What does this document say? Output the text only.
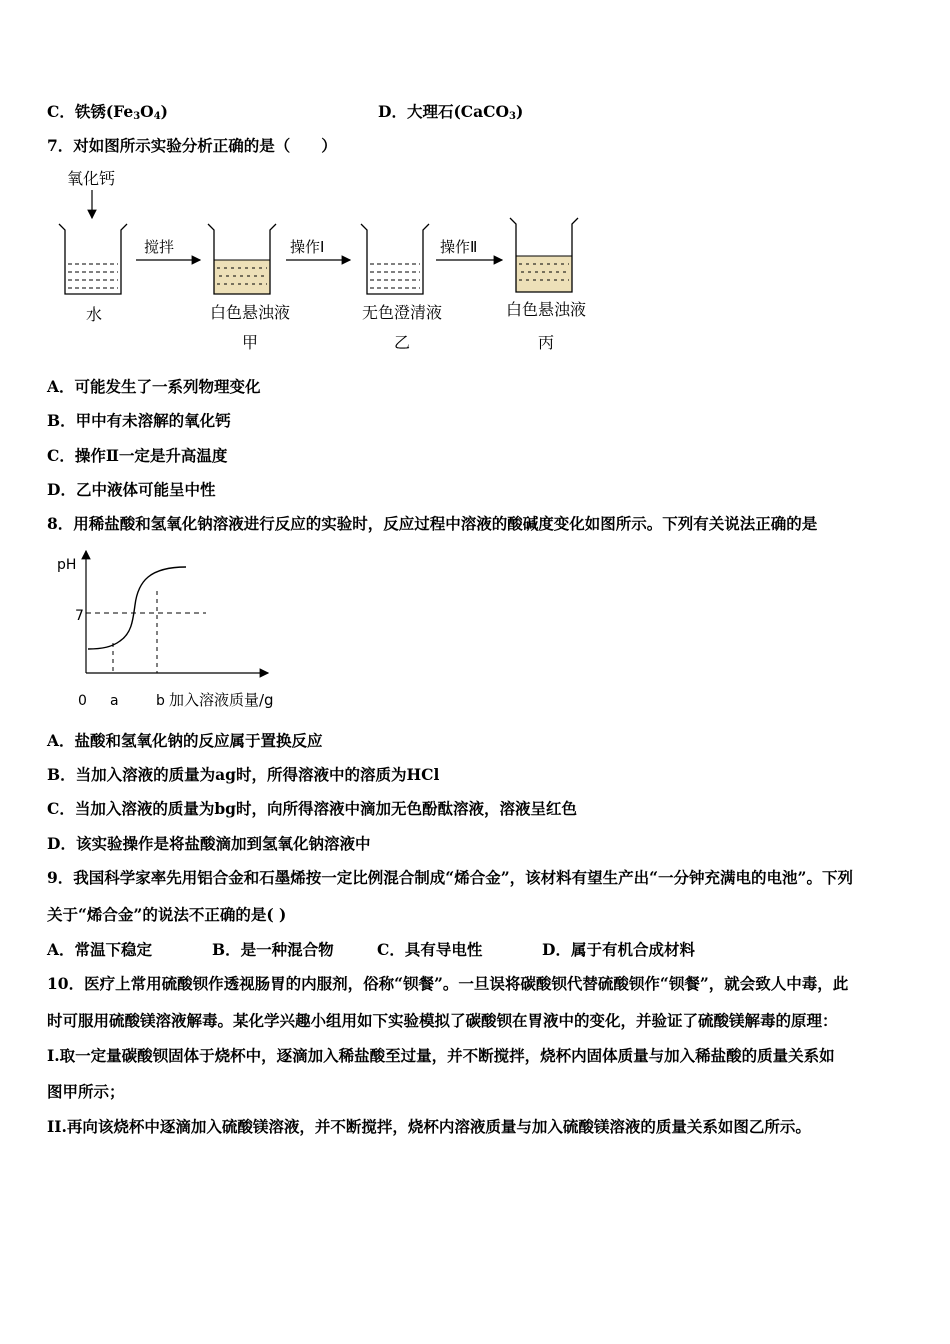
C．铁锈$(Fe_3O_4)$	D．大理石(CaCO$_3$)
7．对如图所示实验分析正确的是（　　）
氧化钙
搅拌	操作Ⅰ	操作Ⅱ
水	白色悬浊液
甲
无色澄清液
乙
白色悬浊液
丙
A．可能发生了一系列物理变化
B．甲中有未溶解的氧化钙
C．操作Ⅱ一定是升高温度
D．乙中液体可能呈中性
8．用稀盐酸和氢氧化钠溶液进行反应的实验时，反应过程中溶液的酸碱度变化如图所示。下列有关说法正确的是
pH
7
0 a	b 加入溶液质量/g
A．盐酸和氢氧化钠的反应属于置换反应
B．当加入溶液的质量为ag时，所得溶液中的溶质为HCl
C．当加入溶液的质量为bg时，向所得溶液中滴加无色酚酞溶液，溶液呈红色
D．该实验操作是将盐酸滴加到氢氧化钠溶液中
9．我国科学家率先用铝合金和石墨烯按一定比例混合制成“烯合金”，该材料有望生产出“一分钟充满电的电池”。下列
关于“烯合金”的说法不正确的是( )
A．常温下稳定	B．是一种混合物	C．具有导电性	D．属于有机合成材料
10．医疗上常用硫酸钡作透视肠胃的内服剂，俗称“钡餐”。一旦误将碳酸钡代替硫酸钡作“钡餐”，就会致人中毒，此
时可服用硫酸镁溶液解毒。某化学兴趣小组用如下实验模拟了碳酸钡在胃液中的变化，并验证了硫酸镁解毒的原理：
I.取一定量碳酸钡固体于烧杯中，逐滴加入稀盐酸至过量，并不断搅拌，烧杯内固体质量与加入稀盐酸的质量关系如
图甲所示；
II.再向该烧杯中逐滴加入硫酸镁溶液，并不断搅拌，烧杯内溶液质量与加入硫酸镁溶液的质量关系如图乙所示。
